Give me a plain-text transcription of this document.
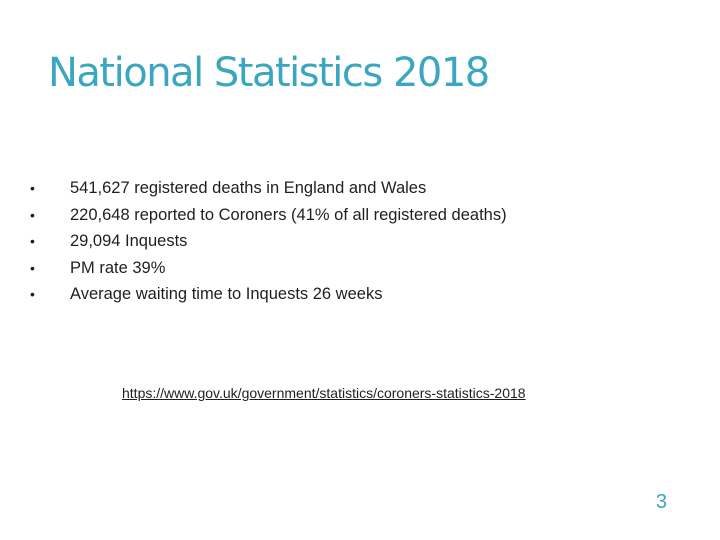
National Statistics 2018
•	541,627 registered deaths in England and Wales
•	220,648 reported to Coroners (41% of all registered deaths)
•	29,094 Inquests
•	PM rate 39%
•	Average waiting time to Inquests 26 weeks
https://www.gov.uk/government/statistics/coroners-statistics-2018
3
